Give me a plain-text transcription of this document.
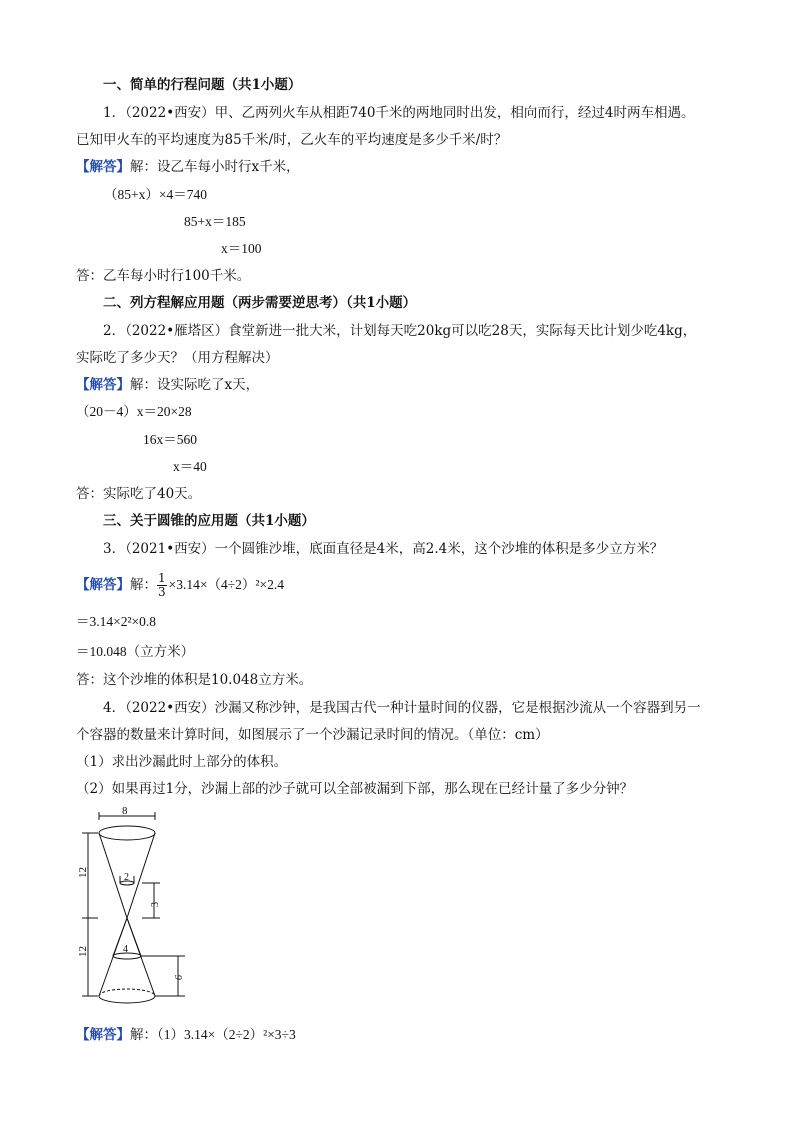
一、简单的行程问题（共1小题）
1．（2022•西安）甲、乙两列火车从相距740千米的两地同时出发，相向而行，经过4时两车相遇。
已知甲火车的平均速度为85千米/时，乙火车的平均速度是多少千米/时？
【解答】解：设乙车每小时行x千米，
（85+x）×4＝740
85+x＝185
x＝100
答：乙车每小时行100千米。
二、列方程解应用题（两步需要逆思考）（共1小题）
2．（2022•雁塔区）食堂新进一批大米，计划每天吃20kg可以吃28天，实际每天比计划少吃4kg，
实际吃了多少天？（用方程解决）
【解答】解：设实际吃了x天，
（20－4）x＝20×28
16x＝560
x＝40
答：实际吃了40天。
三、关于圆锥的应用题（共1小题）
3．（2021•西安）一个圆锥沙堆，底面直径是4米，高2.4米，这个沙堆的体积是多少立方米？
【解答】解： $\frac{1}{3} \times 3.14\times(4\div 2)^2\times 2.4$
＝3.14×2²×0.8
＝10.048（立方米）
答：这个沙堆的体积是10.048立方米。
4．（2022•西安）沙漏又称沙钟，是我国古代一种计量时间的仪器，它是根据沙流从一个容器到另一
个容器的数量来计算时间，如图展示了一个沙漏记录时间的情况。（单位：cm）
（1）求出沙漏此时上部分的体积。
（2）如果再过1分，沙漏上部的沙子就可以全部被漏到下部，那么现在已经计量了多少分钟？
8
12	2
3
4
12
6
【解答】解：（1）3.14×（2÷2）²×3÷3
